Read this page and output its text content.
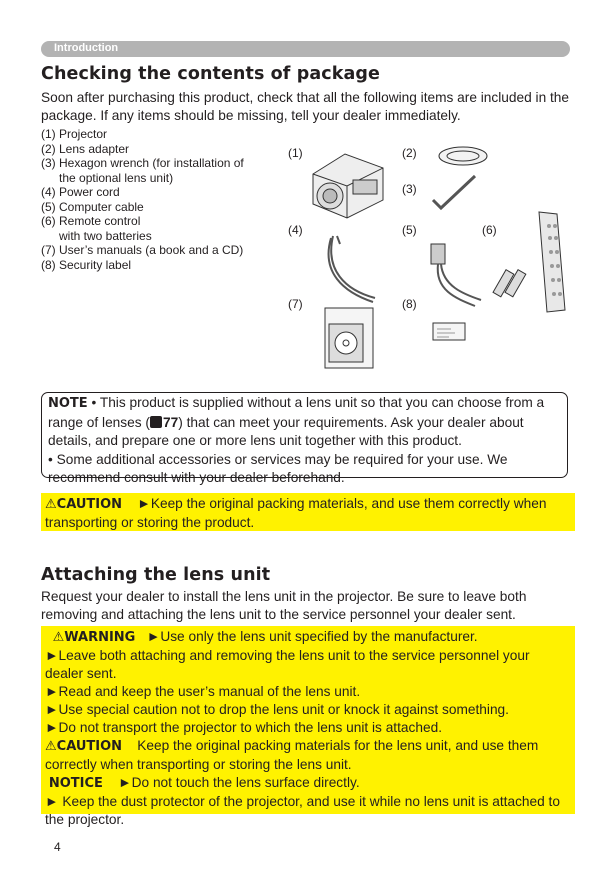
Introduction
Checking the contents of package

Soon after purchasing this product, check that all the following items are included in the package. If any items should be missing, tell your dealer immediately.

(1) Projector
(2) Lens adapter
(3) Hexagon wrench (for installation of
the optional lens unit)
(4) Power cord
(5) Computer cable
(6) Remote control
with two batteries
(7) User’s manuals (a book and a CD)
(8) Security label
(1)	(2)
(3)
(4)	(5)	(6)
(7)	(8)
NOTE • This product is supplied without a lens unit so that you can choose from a range of lenses ( 77) that can meet your requirements. Ask your dealer about details, and prepare one or more lens unit together with this product.
• Some additional accessories or services may be required for your use. We recommend consult with your dealer beforehand.
⚠CAUTION ►Keep the original packing materials, and use them correctly when transporting or storing the product.
Attaching the lens unit

Request your dealer to install the lens unit in the projector. Be sure to leave both removing and attaching the lens unit to the service personnel your dealer sent.

⚠WARNING ►Use only the lens unit specified by the manufacturer.

►Leave both attaching and removing the lens unit to the service personnel your dealer sent.

►Read and keep the user’s manual of the lens unit.

►Use special caution not to drop the lens unit or knock it against something.

►Do not transport the projector to which the lens unit is attached.

⚠CAUTION Keep the original packing materials for the lens unit, and use them correctly when transporting or storing the lens unit.

NOTICE ►Do not touch the lens surface directly.

► Keep the dust protector of the projector, and use it while no lens unit is attached to the projector.

4
